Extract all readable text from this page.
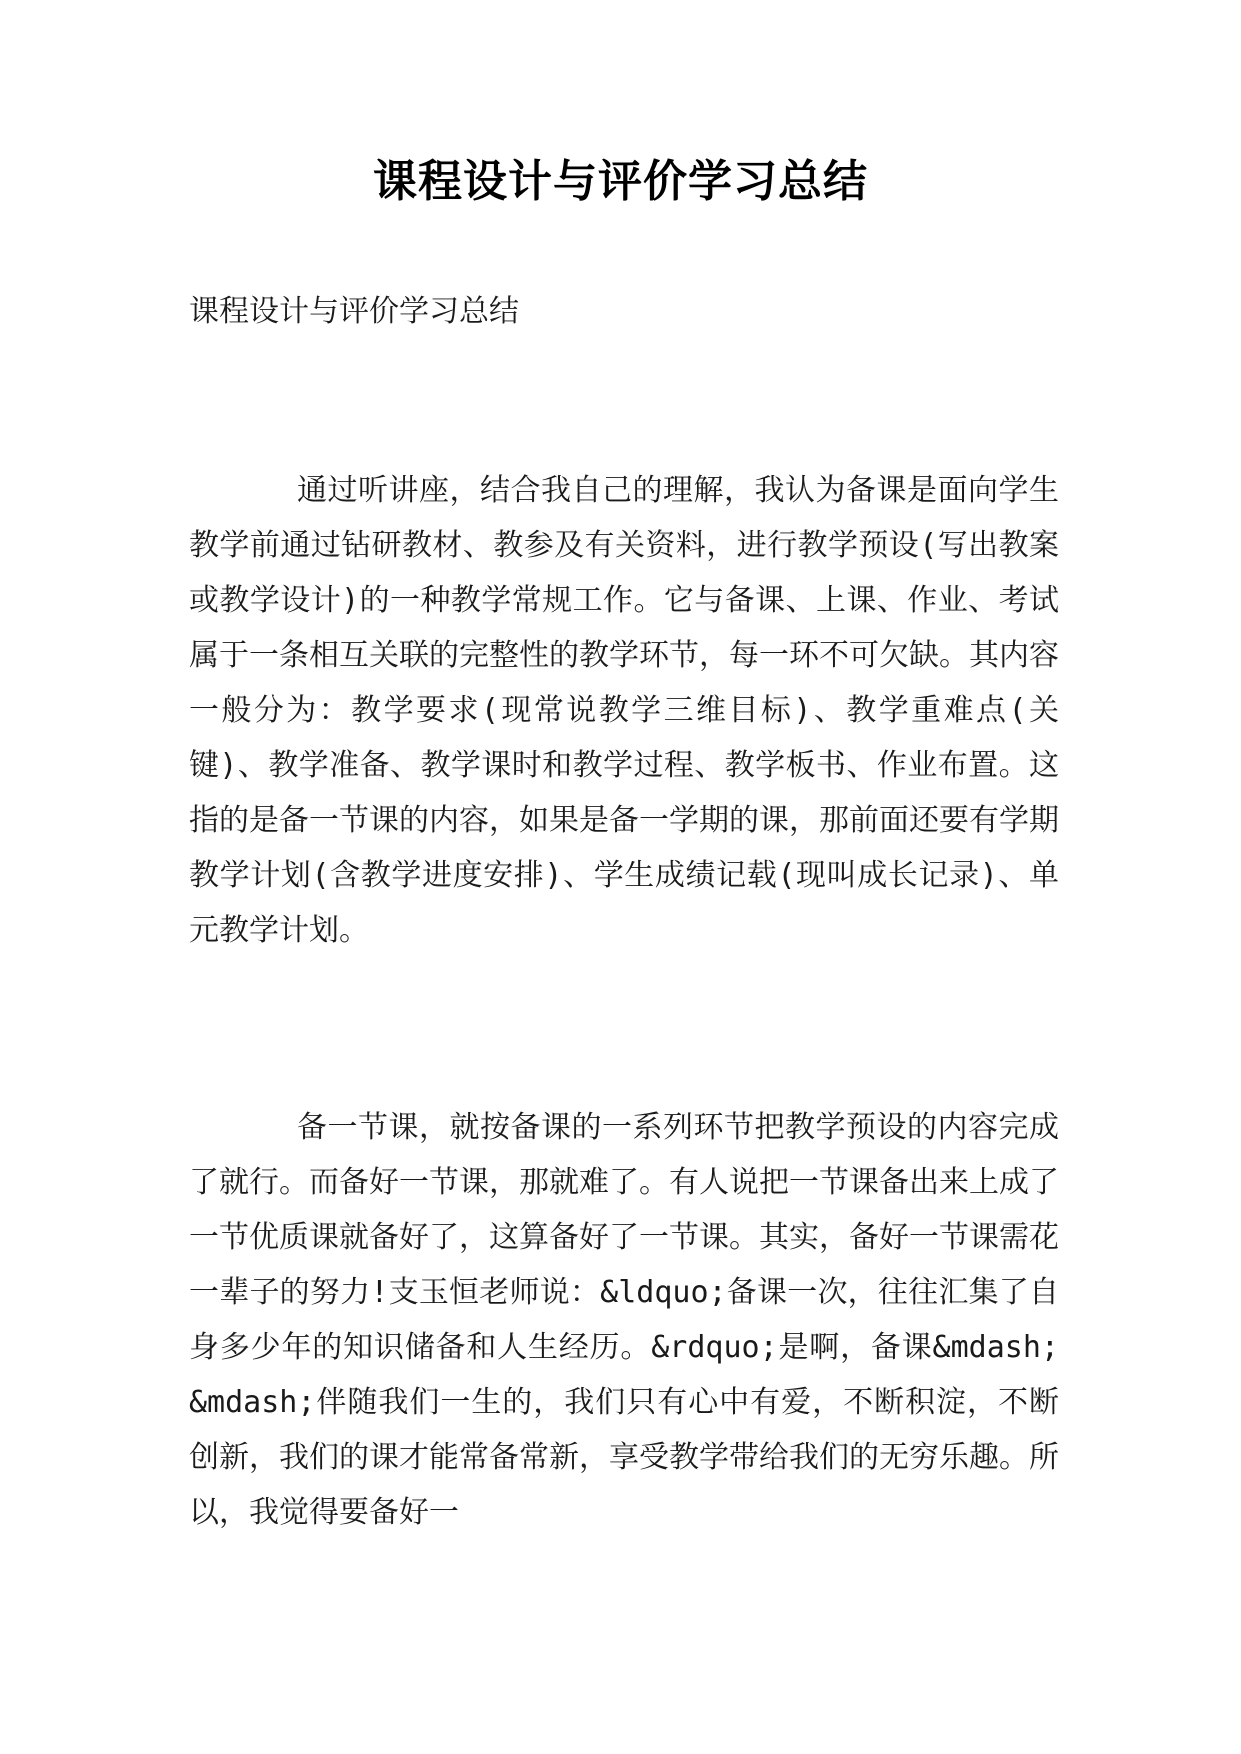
课程设计与评价学习总结

课程设计与评价学习总结

通过听讲座，结合我自己的理解，我认为备课是面向学生教学前通过钻研教材、教参及有关资料，进行教学预设(写出教案或教学设计)的一种教学常规工作。它与备课、上课、作业、考试属于一条相互关联的完整性的教学环节，每一环不可欠缺。其内容一般分为：教学要求(现常说教学三维目标)、教学重难点(关键)、教学准备、教学课时和教学过程、教学板书、作业布置。这指的是备一节课的内容，如果是备一学期的课，那前面还要有学期教学计划(含教学进度安排)、学生成绩记载(现叫成长记录)、单元教学计划。

备一节课，就按备课的一系列环节把教学预设的内容完成了就行。而备好一节课，那就难了。有人说把一节课备出来上成了一节优质课就备好了，这算备好了一节课。其实，备好一节课需花一辈子的努力!支玉恒老师说：&ldquo;备课一次，往往汇集了自身多少年的知识储备和人生经历。&rdquo;是啊，备课&mdash;&mdash;伴随我们一生的，我们只有心中有爱，不断积淀，不断创新，我们的课才能常备常新，享受教学带给我们的无穷乐趣。所以，我觉得要备好一
